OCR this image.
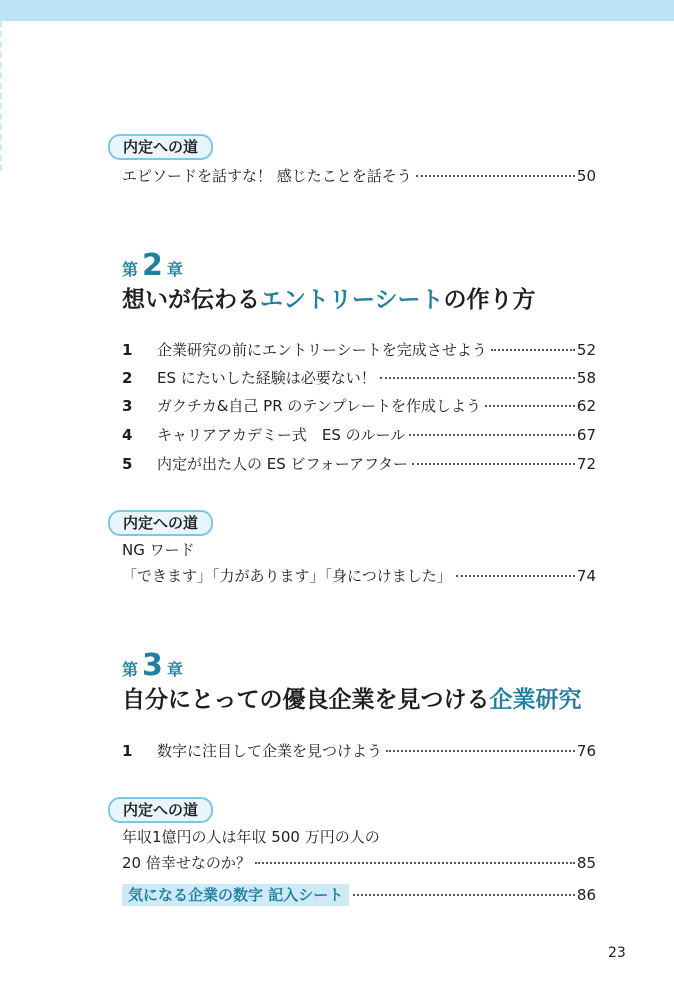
内定への道
エピソードを話すな！ 感じたことを話そう	50
第 2 章
想いが伝わるエントリーシートの作り方
1	企業研究の前にエントリーシートを完成させよう	52
2	ES にたいした経験は必要ない！	58
3	ガクチカ&自己 PR のテンプレートを作成しよう	62
4	キャリアアカデミー式　ES のルール	67
5	内定が出た人の ES ビフォーアフター	72
内定への道
NG ワード
「できます」「力があります」「身につけました」	74
第 3 章
自分にとっての優良企業を見つける企業研究
1	数字に注目して企業を見つけよう	76
内定への道
年収1億円の人は年収 500 万円の人の
20 倍幸せなのか？	85
気になる企業の数字 記入シート	86
23
